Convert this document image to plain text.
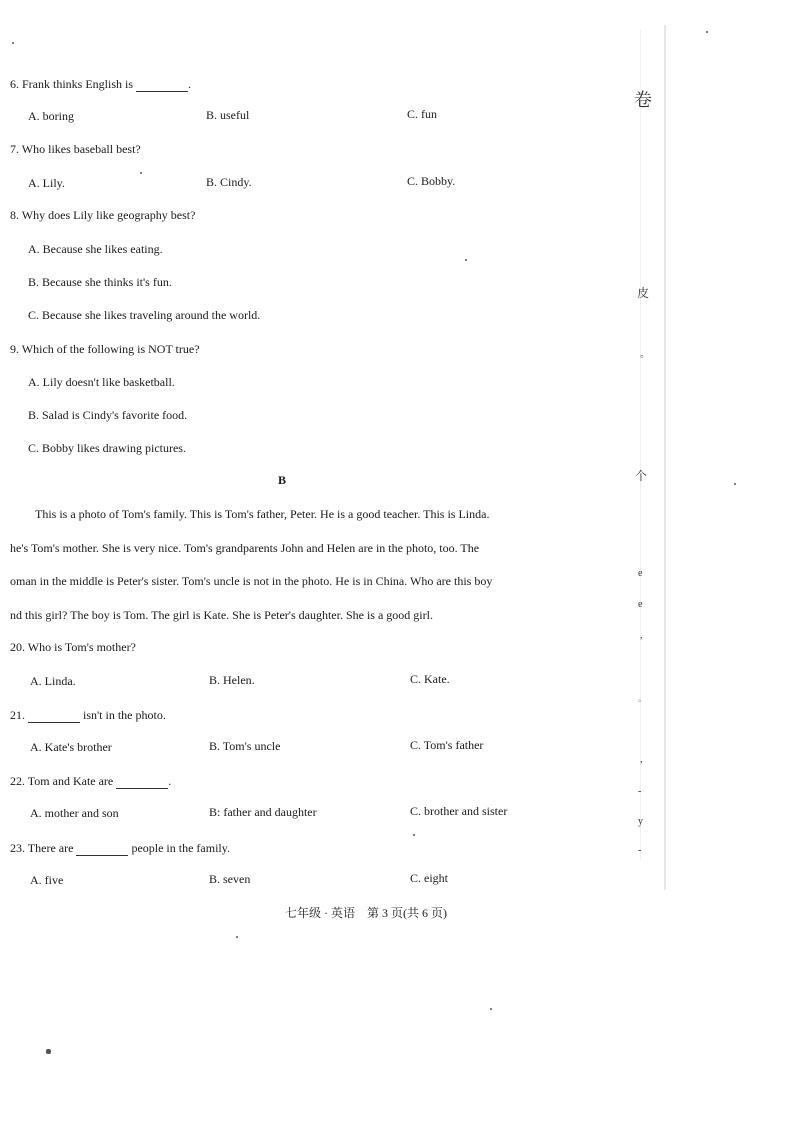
6. Frank thinks English is	.
A. boring	B. useful	C. fun
7. Who likes baseball best?
A. Lily.	B. Cindy.	C. Bobby.
8. Why does Lily like geography best?
A. Because she likes eating.
B. Because she thinks it's fun.
C. Because she likes traveling around the world.
9. Which of the following is NOT true?
A. Lily doesn't like basketball.
B. Salad is Cindy's favorite food.
C. Bobby likes drawing pictures.
B
This is a photo of Tom's family. This is Tom's father, Peter. He is a good teacher. This is Linda.
he's Tom's mother. She is very nice. Tom's grandparents John and Helen are in the photo, too. The
oman in the middle is Peter's sister. Tom's uncle is not in the photo. He is in China. Who are this boy
nd this girl? The boy is Tom. The girl is Kate. She is Peter's daughter. She is a good girl.
20. Who is Tom's mother?
A. Linda.	B. Helen.	C. Kate.
21.	isn't in the photo.
A. Kate's brother	B. Tom's uncle	C. Tom's father
22. Tom and Kate are	.
A. mother and son	B: father and daughter	C. brother and sister
23. There are	people in the family.
A. five	B. seven	C. eight
七年级 · 英语　第 3 页(共 6 页)
卷
皮
。
个
e
e
,
。
,
-
y
-
